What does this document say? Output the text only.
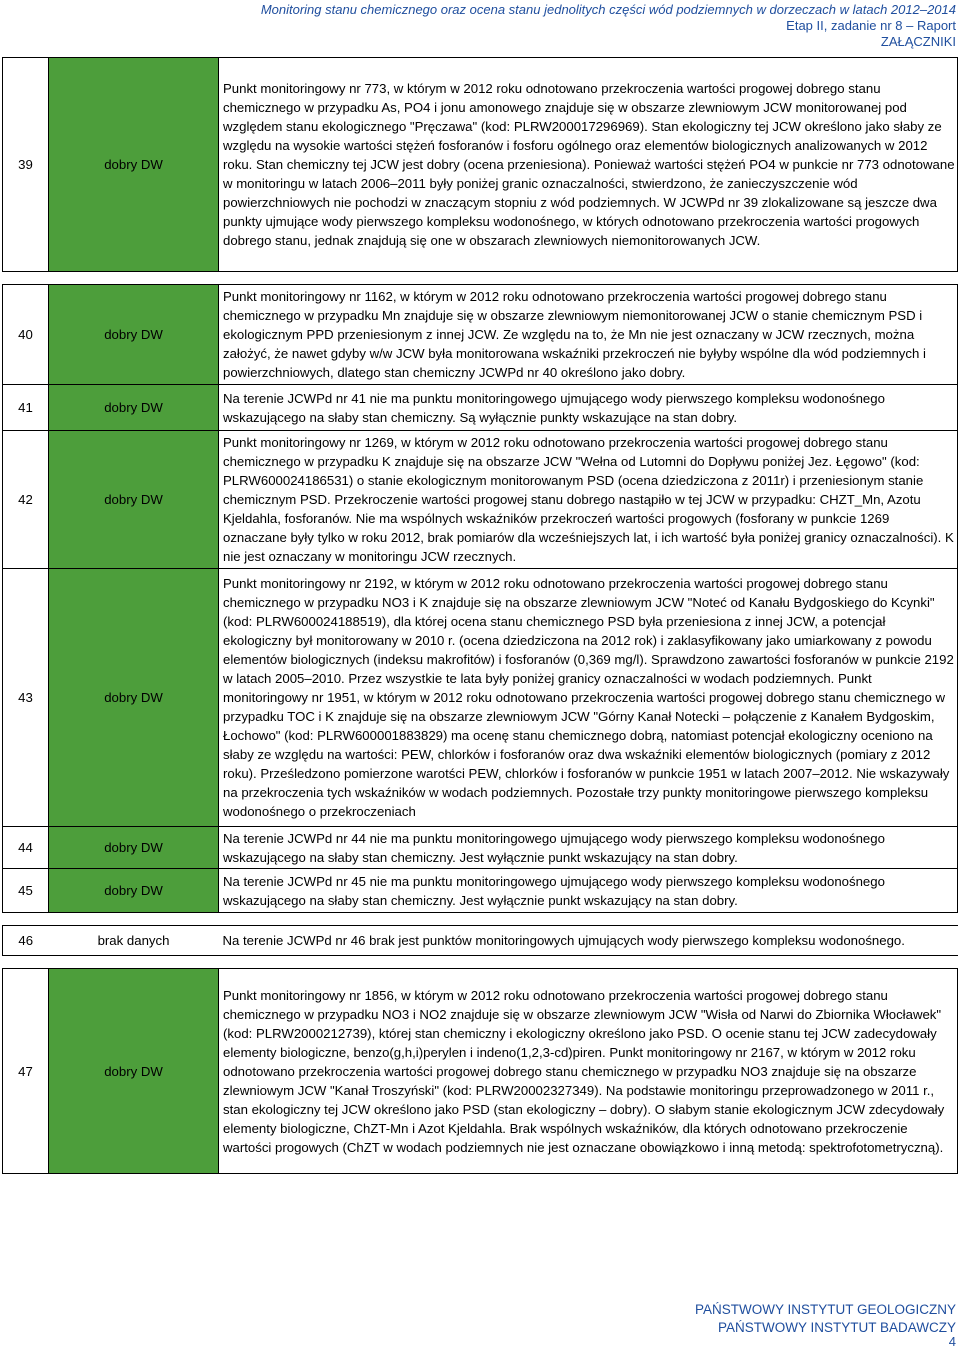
Monitoring stanu chemicznego oraz ocena stanu jednolitych części wód podziemnych w dorzeczach w latach 2012–2014
Etap II, zadanie nr 8 – Raport
ZAŁĄCZNIKI
39	dobry DW	Punkt monitoringowy nr 773, w którym w 2012 roku odnotowano przekroczenia wartości progowej dobrego stanu chemicznego w przypadku As, PO4 i jonu amonowego znajduje się w obszarze zlewniowym JCW monitorowanej pod względem stanu ekologicznego "Pręczawa" (kod: PLRW200017296969). Stan ekologiczny tej JCW określono jako słaby ze względu na wysokie wartości stężeń fosforanów i fosforu ogólnego oraz elementów biologicznych analizowanych w 2012 roku. Stan chemiczny tej JCW jest dobry (ocena przeniesiona). Ponieważ wartości stężeń PO4 w punkcie nr 773 odnotowane w monitoringu w latach 2006–2011 były poniżej granic oznaczalności, stwierdzono, że zanieczyszczenie wód powierzchniowych nie pochodzi w znaczącym stopniu z wód podziemnych. W JCWPd nr 39 zlokalizowane są jeszcze dwa punkty ujmujące wody pierwszego kompleksu wodonośnego, w których odnotowano przekroczenia wartości progowych dobrego stanu, jednak znajdują się one w obszarach zlewniowych niemonitorowanych JCW.

40	dobry DW	Punkt monitoringowy nr 1162, w którym w 2012 roku odnotowano przekroczenia wartości progowej dobrego stanu chemicznego w przypadku Mn znajduje się w obszarze zlewniowym niemonitorowanej JCW o stanie chemicznym PSD i ekologicznym PPD przeniesionym z innej JCW. Ze względu na to, że Mn nie jest oznaczany w JCW rzecznych, można założyć, że nawet gdyby w/w JCW była monitorowana wskaźniki przekroczeń nie byłyby wspólne dla wód podziemnych i powierzchniowych, dlatego stan chemiczny JCWPd nr 40 określono jako dobry.
41	dobry DW	Na terenie JCWPd nr 41 nie ma punktu monitoringowego ujmującego wody pierwszego kompleksu wodonośnego wskazującego na słaby stan chemiczny. Są wyłącznie punkty wskazujące na stan dobry.
42	dobry DW	Punkt monitoringowy nr 1269, w którym w 2012 roku odnotowano przekroczenia wartości progowej dobrego stanu chemicznego w przypadku K znajduje się na obszarze JCW "Wełna od Lutomni do Dopływu poniżej Jez. Łęgowo" (kod: PLRW600024186531) o stanie ekologicznym monitorowanym PSD (ocena dziedziczona z 2011r) i przeniesionym stanie chemicznym PSD. Przekroczenie wartości progowej stanu dobrego nastąpiło w tej JCW w przypadku: CHZT_Mn, Azotu Kjeldahla, fosforanów. Nie ma wspólnych wskaźników przekroczeń wartości progowych (fosforany w punkcie 1269 oznaczane były tylko w roku 2012, brak pomiarów dla wcześniejszych lat, i ich wartość była poniżej granicy oznaczalności). K nie jest oznaczany w monitoringu JCW rzecznych.
43	dobry DW	Punkt monitoringowy nr 2192, w którym w 2012 roku odnotowano przekroczenia wartości progowej dobrego stanu chemicznego w przypadku NO3 i K znajduje się na obszarze zlewniowym JCW "Noteć od Kanału Bydgoskiego do Kcynki" (kod: PLRW600024188519), dla której ocena stanu chemicznego PSD była przeniesiona z innej JCW, a potencjał ekologiczny był monitorowany w 2010 r. (ocena dziedziczona na 2012 rok) i zaklasyfikowany jako umiarkowany z powodu elementów biologicznych (indeksu makrofitów) i fosforanów (0,369 mg/l). Sprawdzono zawartości fosforanów w punkcie 2192 w latach 2005–2010. Przez wszystkie te lata były poniżej granicy oznaczalności w wodach podziemnych. Punkt monitoringowy nr 1951, w którym w 2012 roku odnotowano przekroczenia wartości progowej dobrego stanu chemicznego w przypadku TOC i K znajduje się na obszarze zlewniowym JCW "Górny Kanał Notecki – połączenie z Kanałem Bydgoskim, Łochowo" (kod: PLRW600001883829) ma ocenę stanu chemicznego dobrą, natomiast potencjał ekologiczny oceniono na słaby ze względu na wartości: PEW, chlorków i fosforanów oraz dwa wskaźniki elementów biologicznych (pomiary z 2012 roku). Prześledzono pomierzone warotści PEW, chlorków i fosforanów w punkcie 1951 w latach 2007–2012. Nie wskazywały na przekroczenia tych wskaźników w wodach podziemnych. Pozostałe trzy punkty monitoringowe pierwszego kompleksu wodonośnego o przekroczeniach
44	dobry DW	Na terenie JCWPd nr 44 nie ma punktu monitoringowego ujmującego wody pierwszego kompleksu wodonośnego wskazującego na słaby stan chemiczny. Jest wyłącznie punkt wskazujący na stan dobry.
45	dobry DW	Na terenie JCWPd nr 45 nie ma punktu monitoringowego ujmującego wody pierwszego kompleksu wodonośnego wskazującego na słaby stan chemiczny. Jest wyłącznie punkt wskazujący na stan dobry.

46	brak danych	Na terenie JCWPd nr 46 brak jest punktów monitoringowych ujmujących wody pierwszego kompleksu wodonośnego.

47	dobry DW	Punkt monitoringowy nr 1856, w którym w 2012 roku odnotowano przekroczenia wartości progowej dobrego stanu chemicznego w przypadku NO3 i NO2 znajduje się w obszarze zlewniowym JCW "Wisła od Narwi do Zbiornika Włocławek" (kod: PLRW2000212739), której stan chemiczny i ekologiczny określono jako PSD. O ocenie stanu tej JCW zadecydowały elementy biologiczne, benzo(g,h,i)perylen i indeno(1,2,3-cd)piren. Punkt monitoringowy nr 2167, w którym w 2012 roku odnotowano przekroczenia wartości progowej dobrego stanu chemicznego w przypadku NO3 znajduje się na obszarze zlewniowym JCW "Kanał Troszyński" (kod: PLRW20002327349). Na podstawie monitoringu przeprowadzonego w 2011 r., stan ekologiczny tej JCW określono jako PSD (stan ekologiczny – dobry). O słabym stanie ekologicznym JCW zdecydowały elementy biologiczne, ChZT-Mn i Azot Kjeldahla. Brak wspólnych wskaźników, dla których odnotowano przekroczenie wartości progowych (ChZT w wodach podziemnych nie jest oznaczane obowiązkowo i inną metodą: spektrofotometryczną).
PAŃSTWOWY INSTYTUT GEOLOGICZNY
PAŃSTWOWY INSTYTUT BADAWCZY
4
